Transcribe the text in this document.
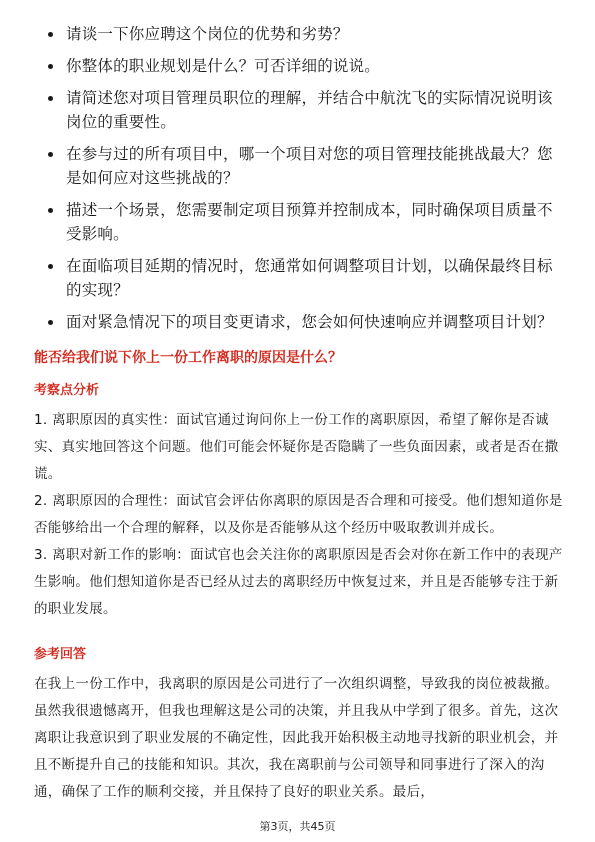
请谈一下你应聘这个岗位的优势和劣势？
你整体的职业规划是什么？可否详细的说说。
请简述您对项目管理员职位的理解，并结合中航沈飞的实际情况说明该岗位的重要性。
在参与过的所有项目中，哪一个项目对您的项目管理技能挑战最大？您是如何应对这些挑战的？
描述一个场景，您需要制定项目预算并控制成本，同时确保项目质量不受影响。
在面临项目延期的情况时，您通常如何调整项目计划，以确保最终目标的实现？
面对紧急情况下的项目变更请求，您会如何快速响应并调整项目计划？
能否给我们说下你上一份工作离职的原因是什么？
考察点分析

1. 离职原因的真实性：面试官通过询问你上一份工作的离职原因，希望了解你是否诚实、真实地回答这个问题。他们可能会怀疑你是否隐瞒了一些负面因素，或者是否在撒谎。

2. 离职原因的合理性：面试官会评估你离职的原因是否合理和可接受。他们想知道你是否能够给出一个合理的解释，以及你是否能够从这个经历中吸取教训并成长。

3. 离职对新工作的影响：面试官也会关注你的离职原因是否会对你在新工作中的表现产生影响。他们想知道你是否已经从过去的离职经历中恢复过来，并且是否能够专注于新的职业发展。

参考回答

在我上一份工作中，我离职的原因是公司进行了一次组织调整，导致我的岗位被裁撤。虽然我很遗憾离开，但我也理解这是公司的决策，并且我从中学到了很多。首先，这次离职让我意识到了职业发展的不确定性，因此我开始积极主动地寻找新的职业机会，并且不断提升自己的技能和知识。其次，我在离职前与公司领导和同事进行了深入的沟通，确保了工作的顺利交接，并且保持了良好的职业关系。最后，

第3页，共45页
